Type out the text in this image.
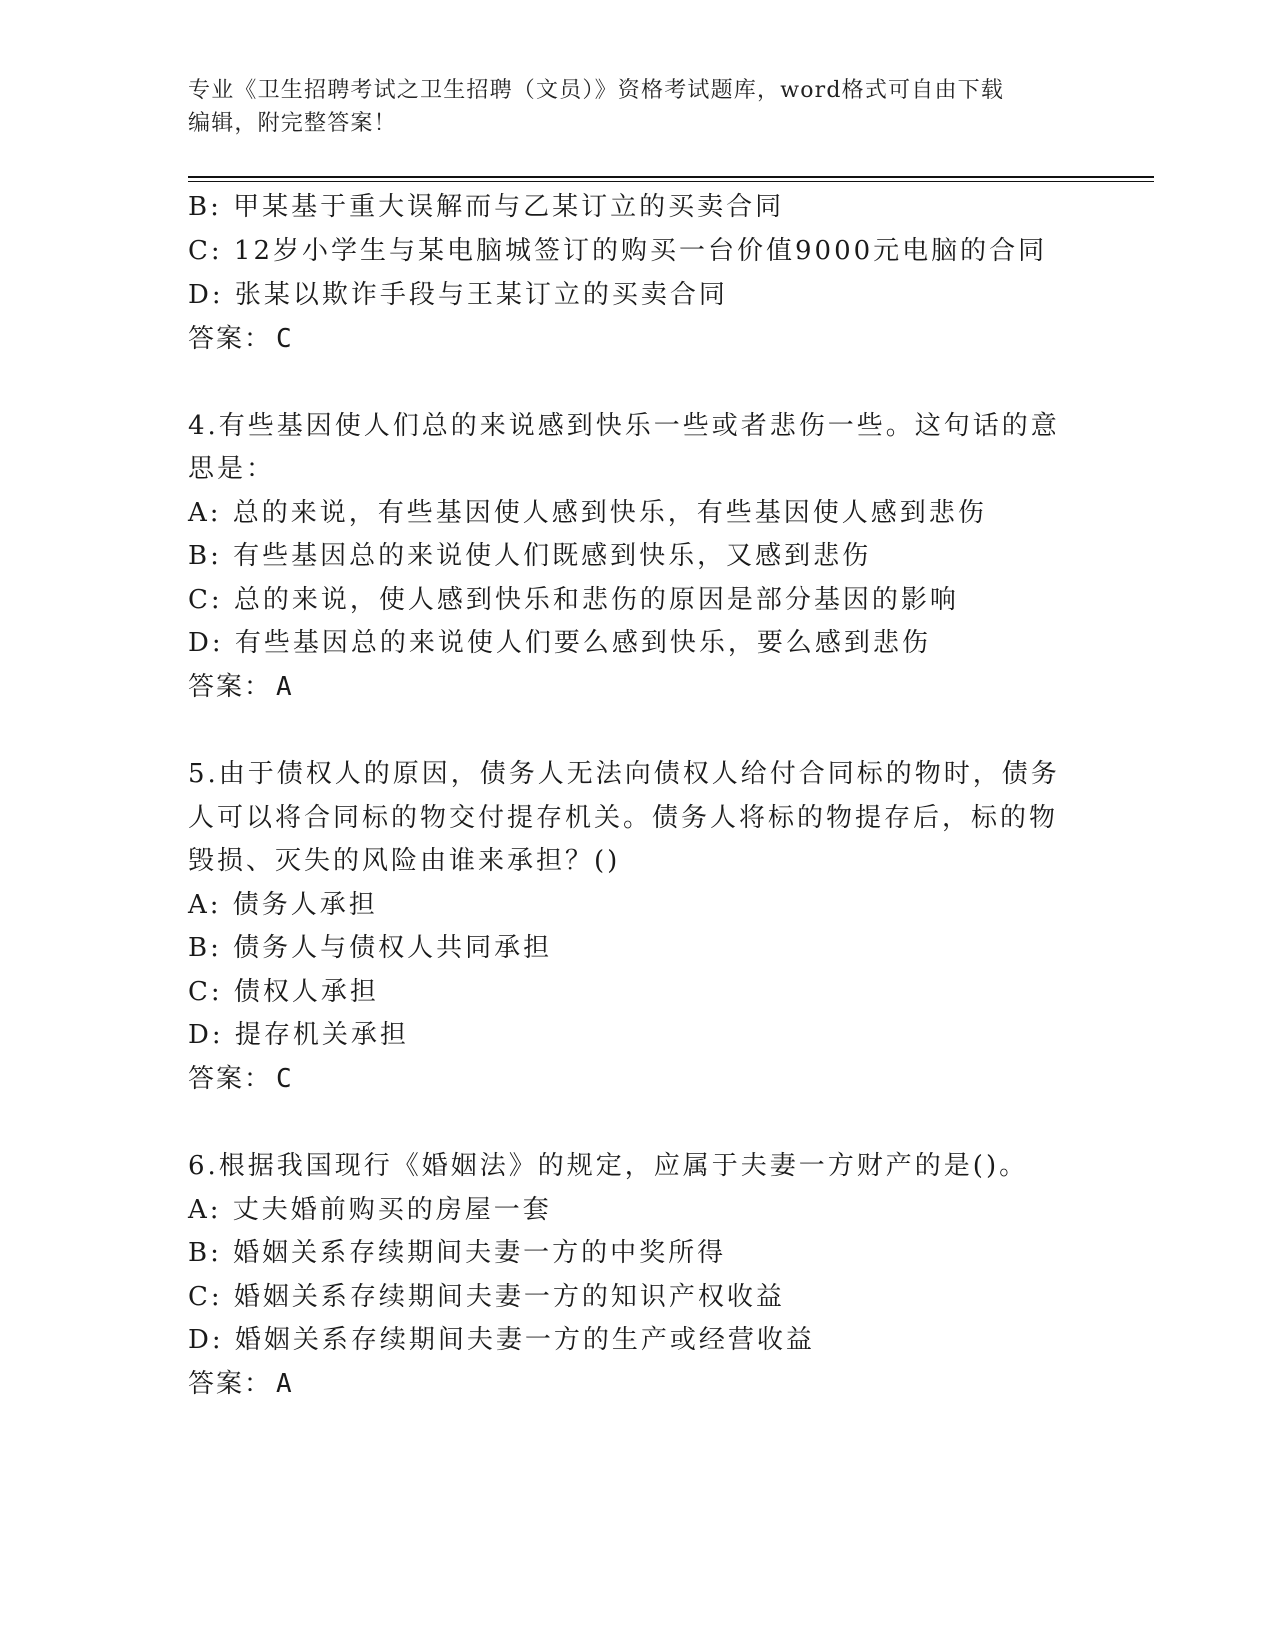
专业《卫生招聘考试之卫生招聘（文员）》资格考试题库，word格式可自由下载
编辑，附完整答案！
B: 甲某基于重大误解而与乙某订立的买卖合同
C: 12岁小学生与某电脑城签订的购买一台价值9000元电脑的合同
D: 张某以欺诈手段与王某订立的买卖合同
答案： C
4.有些基因使人们总的来说感到快乐一些或者悲伤一些。这句话的意
思是：
A: 总的来说，有些基因使人感到快乐，有些基因使人感到悲伤
B: 有些基因总的来说使人们既感到快乐，又感到悲伤
C: 总的来说，使人感到快乐和悲伤的原因是部分基因的影响
D: 有些基因总的来说使人们要么感到快乐，要么感到悲伤
答案： A
5.由于债权人的原因，债务人无法向债权人给付合同标的物时，债务
人可以将合同标的物交付提存机关。债务人将标的物提存后，标的物
毁损、灭失的风险由谁来承担？()
A: 债务人承担
B: 债务人与债权人共同承担
C: 债权人承担
D: 提存机关承担
答案： C
6.根据我国现行《婚姻法》的规定，应属于夫妻一方财产的是()。
A: 丈夫婚前购买的房屋一套
B: 婚姻关系存续期间夫妻一方的中奖所得
C: 婚姻关系存续期间夫妻一方的知识产权收益
D: 婚姻关系存续期间夫妻一方的生产或经营收益
答案： A
